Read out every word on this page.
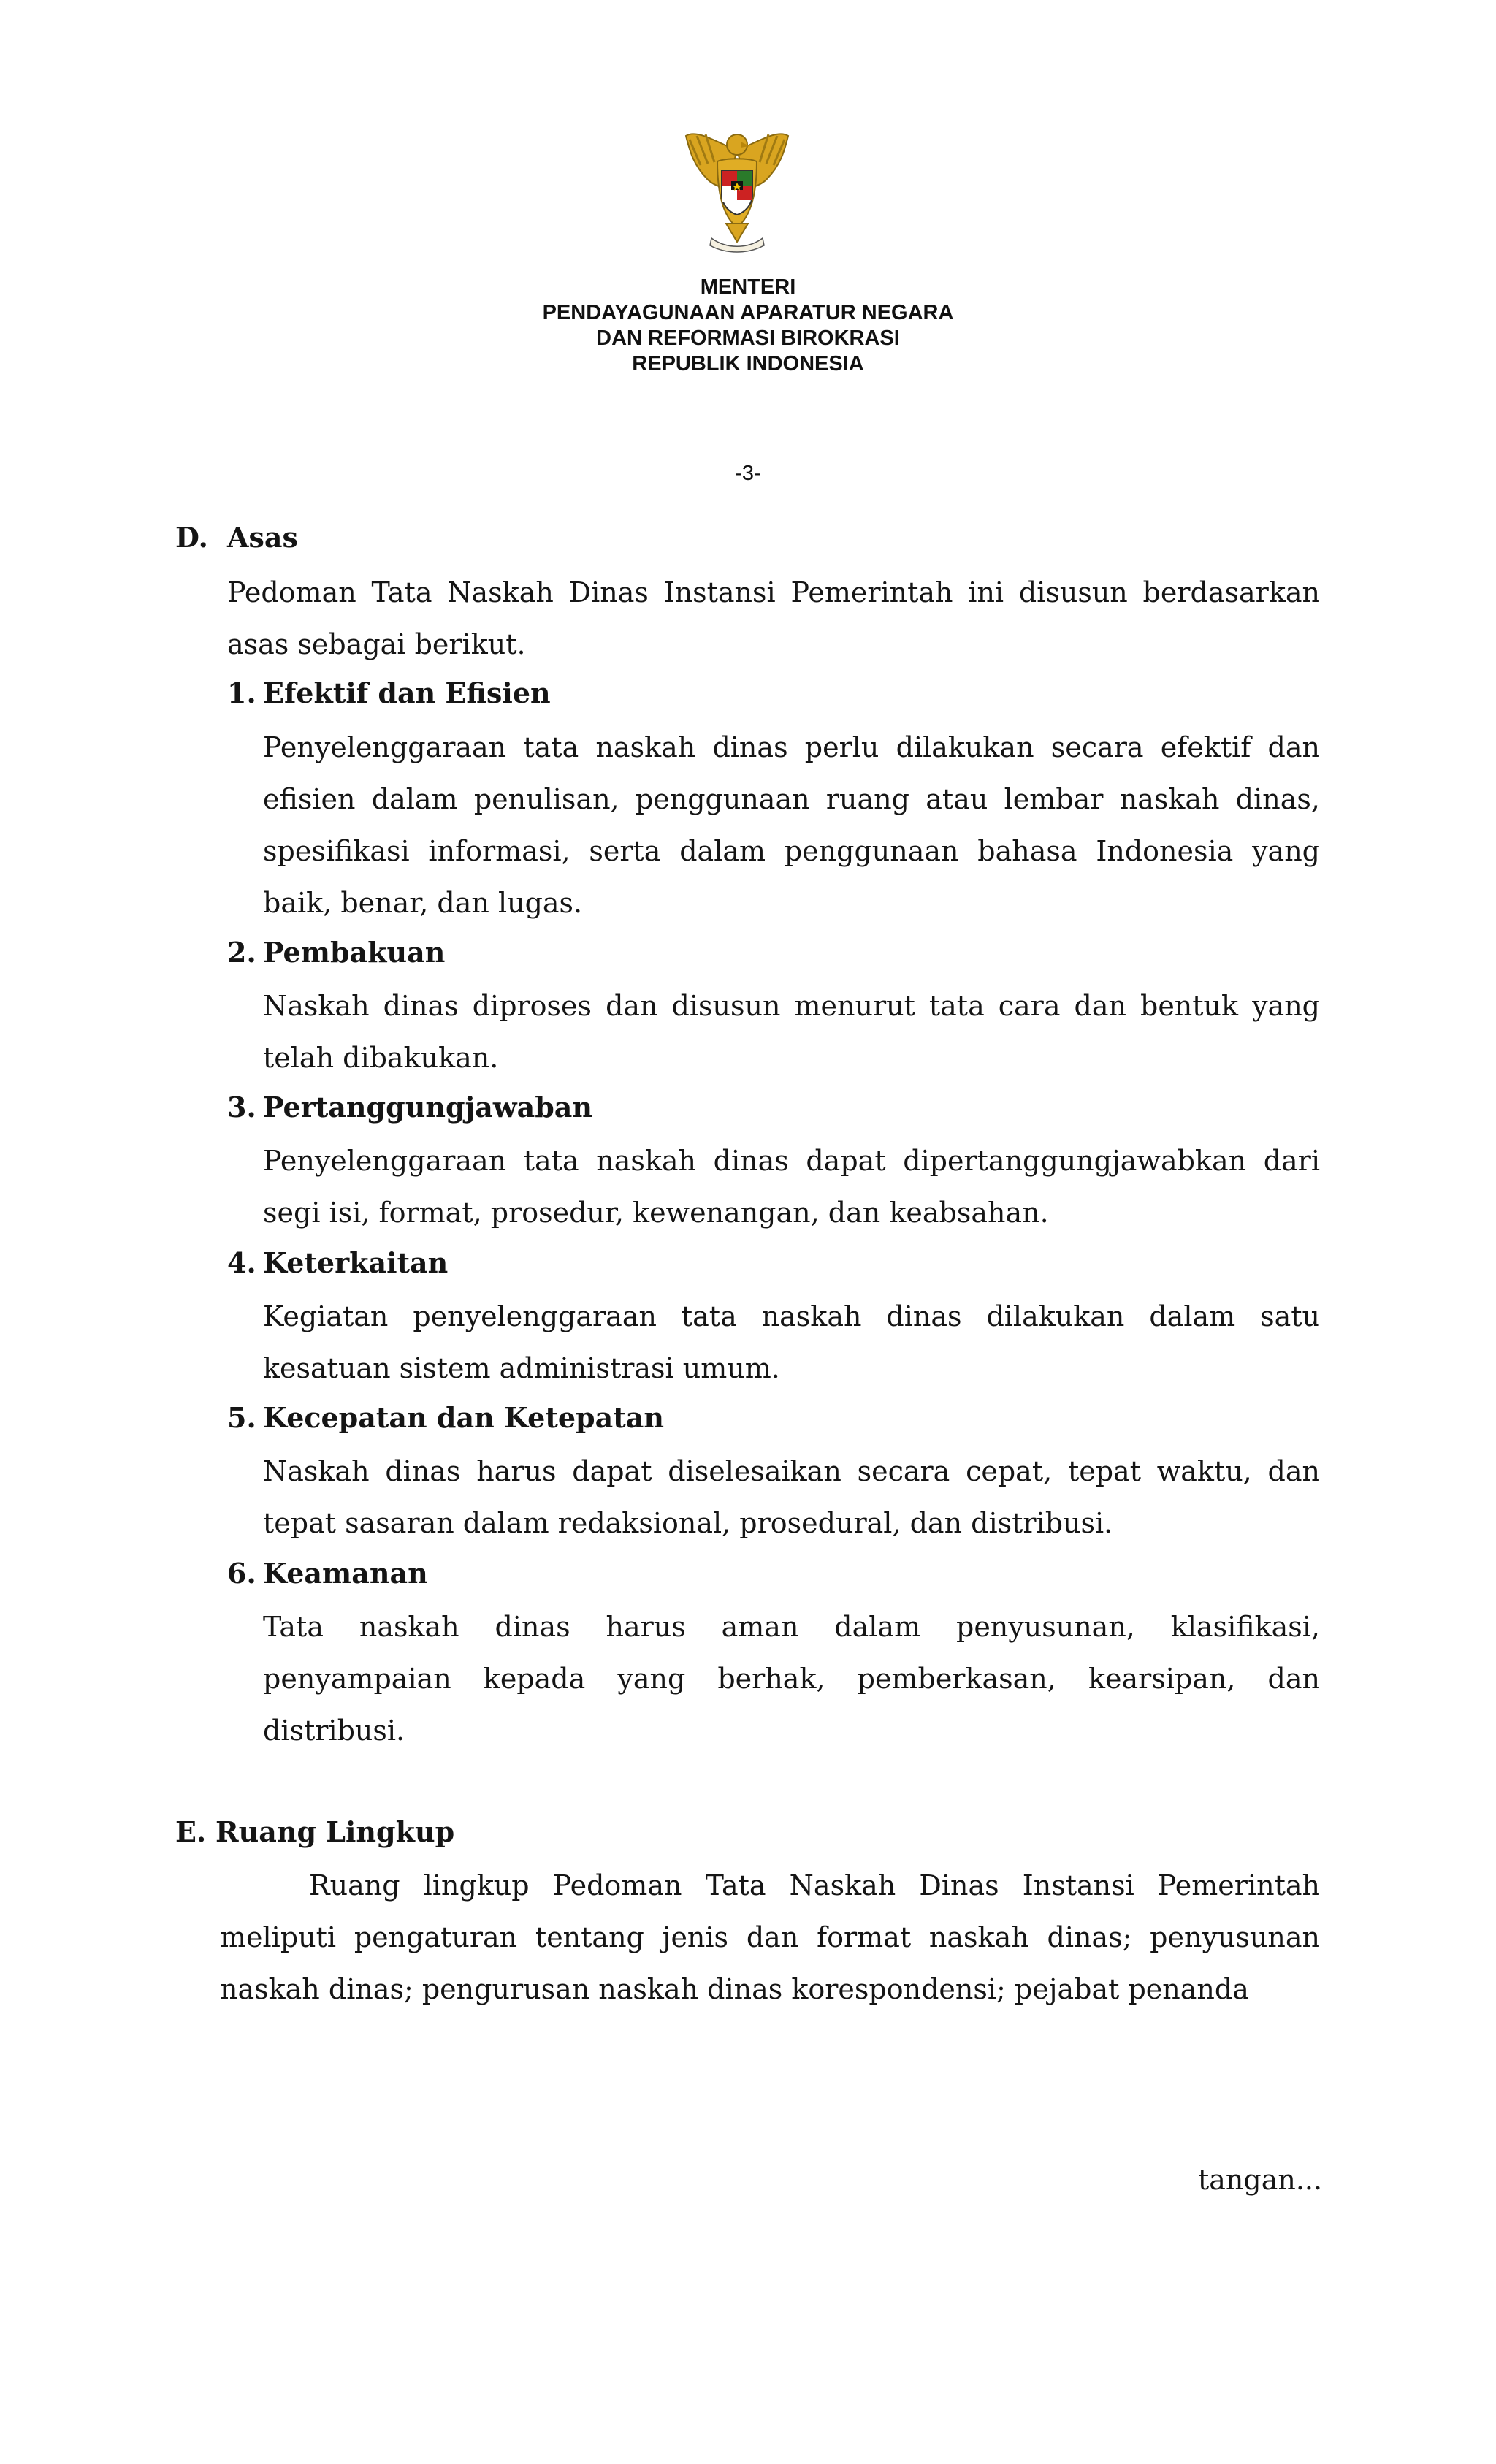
MENTERI
PENDAYAGUNAAN APARATUR NEGARA
DAN REFORMASI BIROKRASI
REPUBLIK INDONESIA
-3-
D. Asas
Pedoman Tata Naskah Dinas Instansi Pemerintah ini disusun berdasarkan asas sebagai berikut.
1. Efektif dan Efisien
Penyelenggaraan tata naskah dinas perlu dilakukan secara efektif dan efisien dalam penulisan, penggunaan ruang atau lembar naskah dinas, spesifikasi informasi, serta dalam penggunaan bahasa Indonesia yang baik, benar, dan lugas.
2. Pembakuan
Naskah dinas diproses dan disusun menurut tata cara dan bentuk yang telah dibakukan.
3. Pertanggungjawaban
Penyelenggaraan tata naskah dinas dapat dipertanggungjawabkan dari segi isi, format, prosedur, kewenangan, dan keabsahan.
4. Keterkaitan
Kegiatan penyelenggaraan tata naskah dinas dilakukan dalam satu kesatuan sistem administrasi umum.
5. Kecepatan dan Ketepatan
Naskah dinas harus dapat diselesaikan secara cepat, tepat waktu, dan tepat sasaran dalam redaksional, prosedural, dan distribusi.
6. Keamanan
Tata naskah dinas harus aman dalam penyusunan, klasifikasi, penyampaian kepada yang berhak, pemberkasan, kearsipan, dan distribusi.
E. Ruang Lingkup
Ruang lingkup Pedoman Tata Naskah Dinas Instansi Pemerintah meliputi pengaturan tentang jenis dan format naskah dinas; penyusunan naskah dinas; pengurusan naskah dinas korespondensi; pejabat penanda
tangan...
